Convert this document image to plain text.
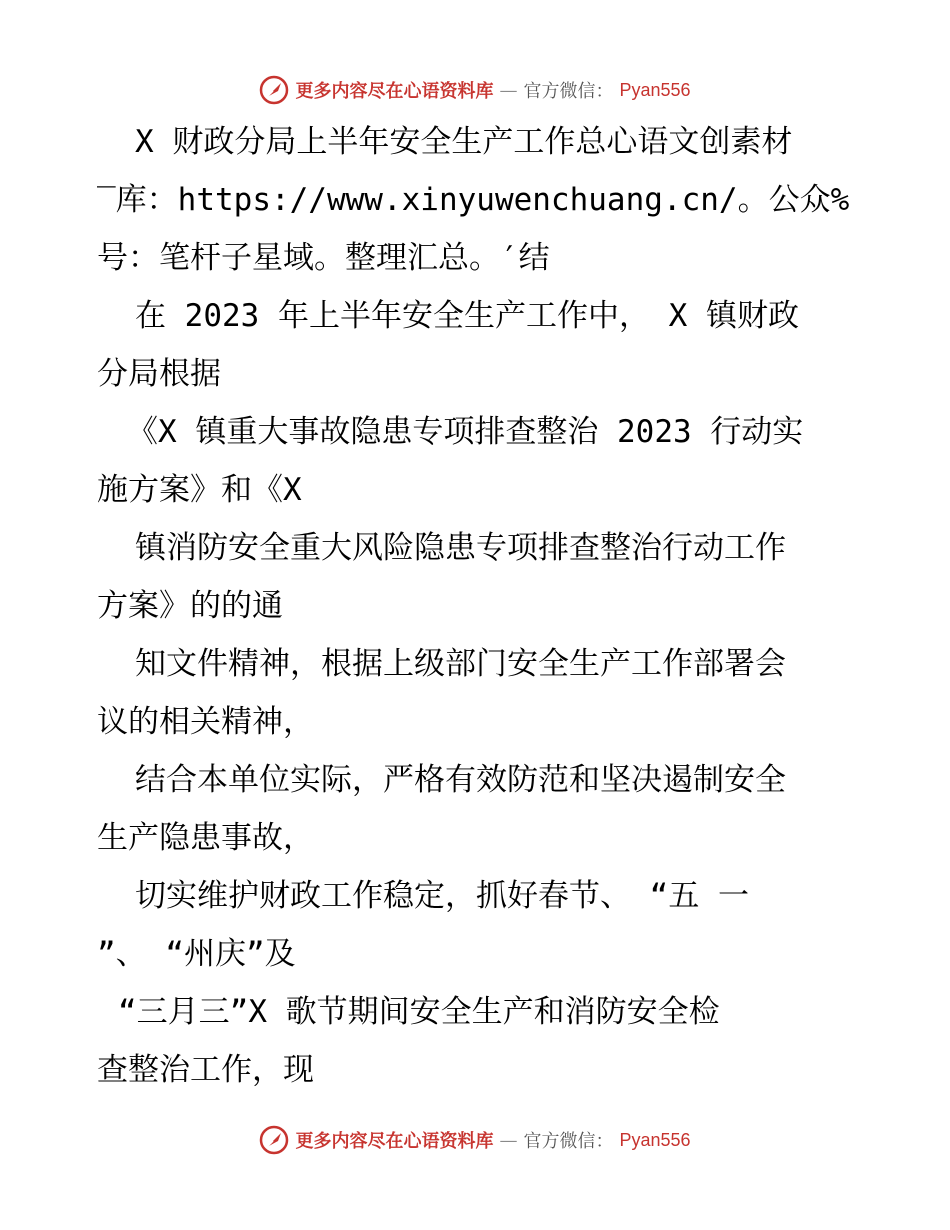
更多内容尽在心语资料库 — 官方微信： Pyan556
X 财政分局上半年安全生产工作总心语文创素材
‾库：https://www.xinyuwenchuang.cn/。公众%
号：笔杆子星域。整理汇总。′结
在 2023 年上半年安全生产工作中， X 镇财政
分局根据
《X 镇重大事故隐患专项排查整治 2023 行动实
施方案》和《X
镇消防安全重大风险隐患专项排查整治行动工作
方案》的的通
知文件精神，根据上级部门安全生产工作部署会
议的相关精神，
结合本单位实际，严格有效防范和坚决遏制安全
生产隐患事故，
切实维护财政工作稳定，抓好春节、 “五 一
”、 “州庆”及
“三月三”X 歌节期间安全生产和消防安全检
查整治工作，现
更多内容尽在心语资料库 — 官方微信： Pyan556
